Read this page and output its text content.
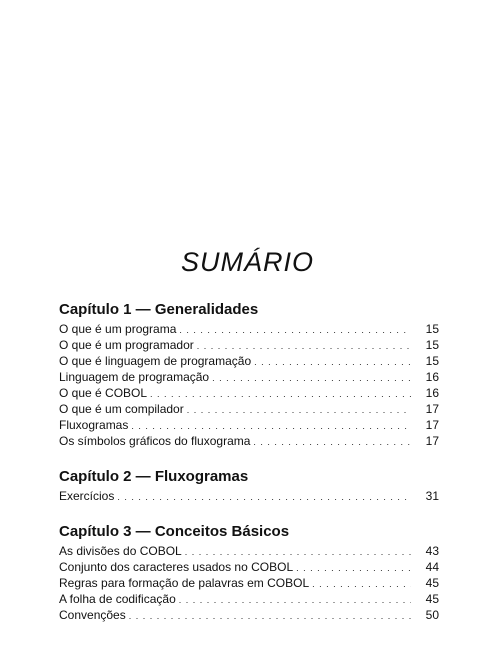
SUMÁRIO
Capítulo 1 — Generalidades
O que é um programa . . .	15
O que é um programador . . .	15
O que é linguagem de programação . . .	15
Linguagem de programação . . .	16
O que é COBOL . . .	16
O que é um compilador . . .	17
Fluxogramas . . .	17
Os símbolos gráficos do fluxograma . . .	17
Capítulo 2 — Fluxogramas
Exercícios . . .	31
Capítulo 3 — Conceitos Básicos
As divisões do COBOL . . .	43
Conjunto dos caracteres usados no COBOL . . .	44
Regras para formação de palavras em COBOL . . .	45
A folha de codificação . . .	45
Convenções . . .	50
